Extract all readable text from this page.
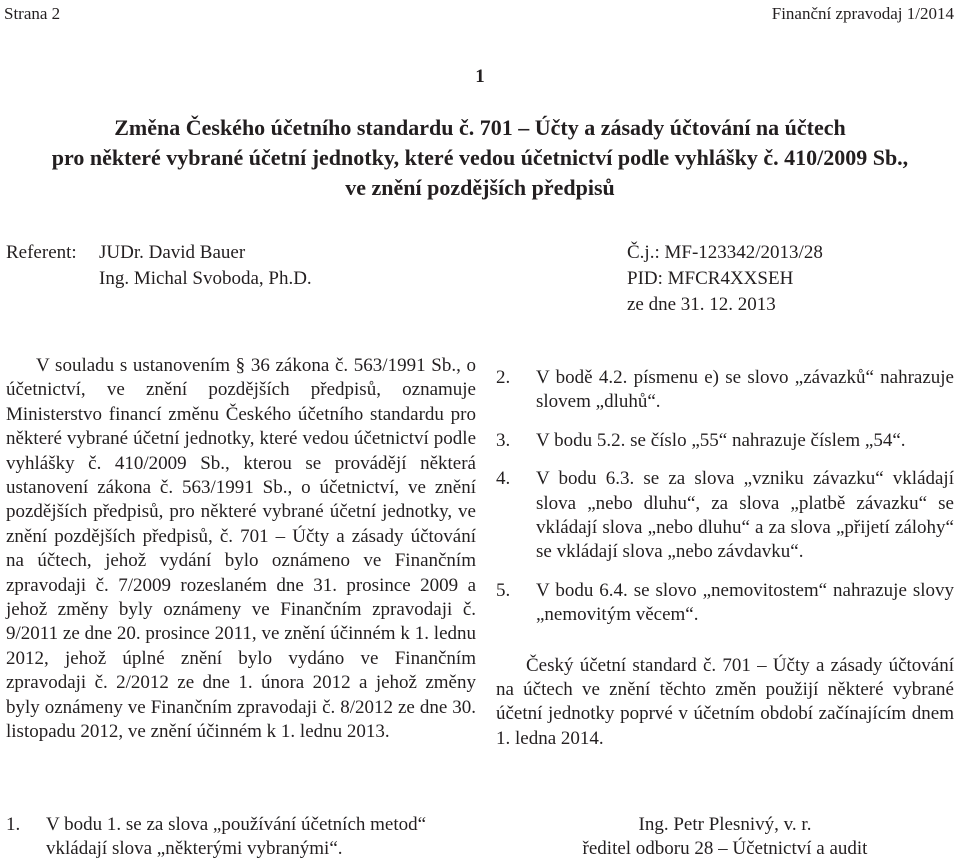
Strana 2	Finanční zpravodaj 1/2014
1
Změna Českého účetního standardu č. 701 – Účty a zásady účtování na účtech
pro některé vybrané účetní jednotky, které vedou účetnictví podle vyhlášky č. 410/2009 Sb.,
ve znění pozdějších předpisů
Referent: JUDr. David Bauer
Ing. Michal Svoboda, Ph.D.
Č.j.: MF-123342/2013/28
PID: MFCR4XXSEH
ze dne 31. 12. 2013
V souladu s ustanovením § 36 zákona č. 563/1991 Sb., o účetnictví, ve znění pozdějších předpisů, oznamuje Ministerstvo financí změnu Českého účetního standardu pro některé vybrané účetní jednotky, které vedou účetnictví podle vyhlášky č. 410/2009 Sb., kterou se provádějí některá ustanovení zákona č. 563/1991 Sb., o účetnictví, ve znění pozdějších předpisů, pro některé vybrané účetní jednotky, ve znění pozdějších předpisů, č. 701 – Účty a zásady účtování na účtech, jehož vydání bylo oznámeno ve Finančním zpravodaji č. 7/2009 rozeslaném dne 31. prosince 2009 a jehož změny byly oznámeny ve Finančním zpravodaji č. 9/2011 ze dne 20. prosince 2011, ve znění účinném k 1. lednu 2012, jehož úplné znění bylo vydáno ve Finančním zpravodaji č. 2/2012 ze dne 1. února 2012 a jehož změny byly oznámeny ve Finančním zpravodaji č. 8/2012 ze dne 30. listopadu 2012, ve znění účinném k 1. lednu 2013.
1. V bodu 1. se za slova „používání účetních metod“ vkládají slova „některými vybranými“.
2. V bodě 4.2. písmenu e) se slovo „závazků“ nahrazuje slovem „dluhů“.
3. V bodu 5.2. se číslo „55“ nahrazuje číslem „54“.
4. V bodu 6.3. se za slova „vzniku závazku“ vkládají slova „nebo dluhu“, za slova „platbě závazku“ se vkládají slova „nebo dluhu“ a za slova „přijetí zálohy“ se vkládají slova „nebo závdavku“.
5. V bodu 6.4. se slovo „nemovitostem“ nahrazuje slovy „nemovitým věcem“.
Český účetní standard č. 701 – Účty a zásady účtování na účtech ve znění těchto změn použijí některé vybrané účetní jednotky poprvé v účetním období začínajícím dnem 1. ledna 2014.
Ing. Petr Plesnivý, v. r.
ředitel odboru 28 – Účetnictví a audit
